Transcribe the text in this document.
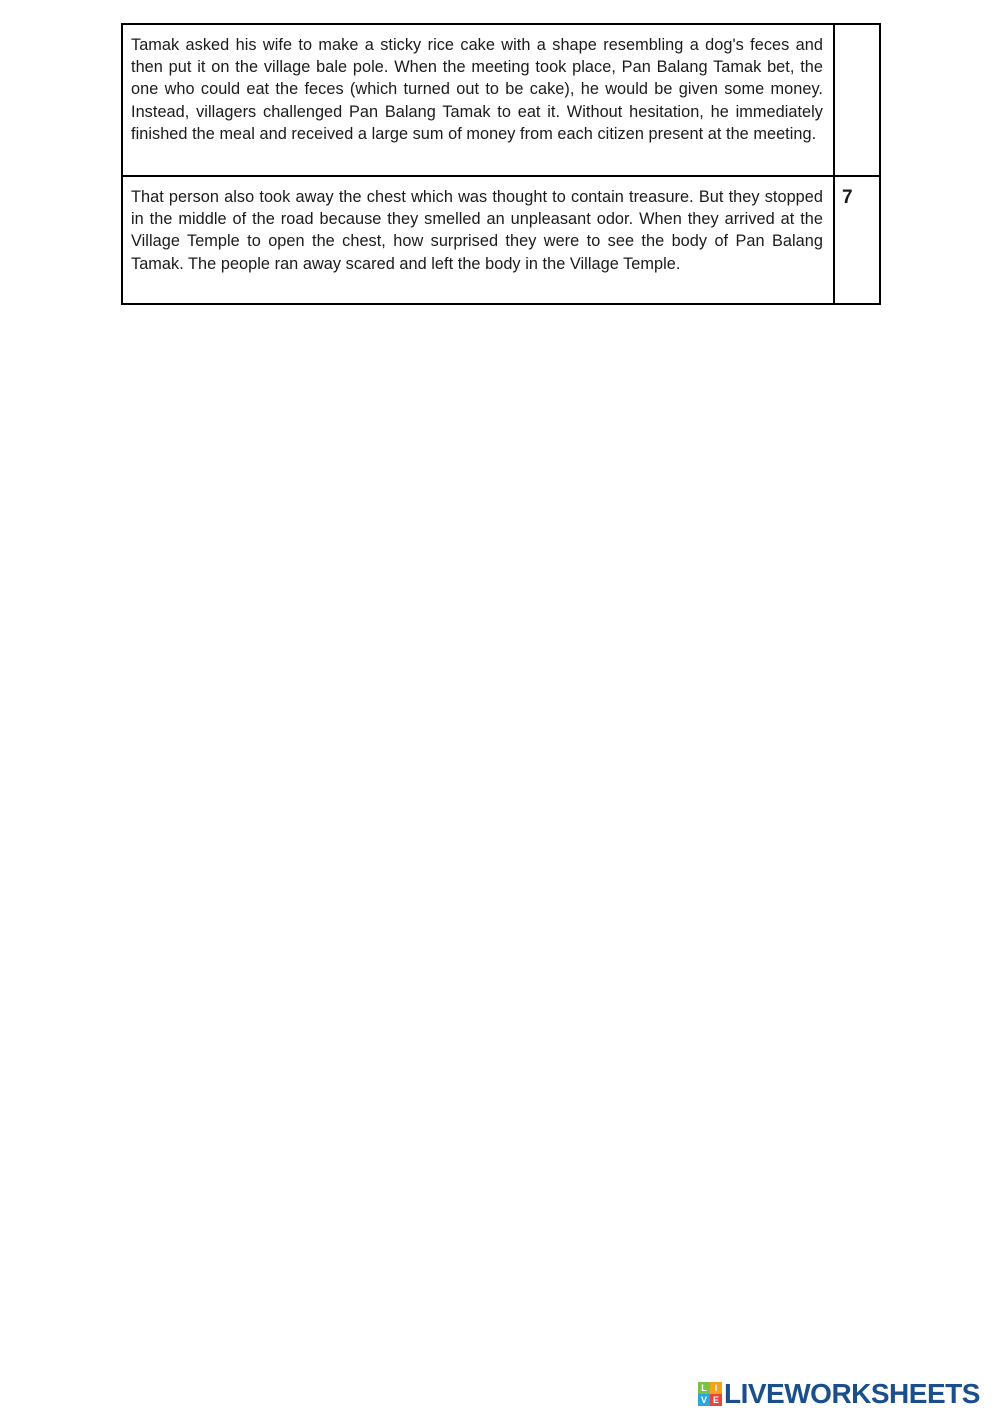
Tamak asked his wife to make a sticky rice cake with a shape resembling a dog's feces and then put it on the village bale pole. When the meeting took place, Pan Balang Tamak bet, the one who could eat the feces (which turned out to be cake), he would be given some money. Instead, villagers challenged Pan Balang Tamak to eat it. Without hesitation, he immediately finished the meal and received a large sum of money from each citizen present at the meeting.	

That person also took away the chest which was thought to contain treasure. But they stopped in the middle of the road because they smelled an unpleasant odor. When they arrived at the Village Temple to open the chest, how surprised they were to see the body of Pan Balang Tamak. The people ran away scared and left the body in the Village Temple.	7
L I
V E LIVEWORKSHEETS
